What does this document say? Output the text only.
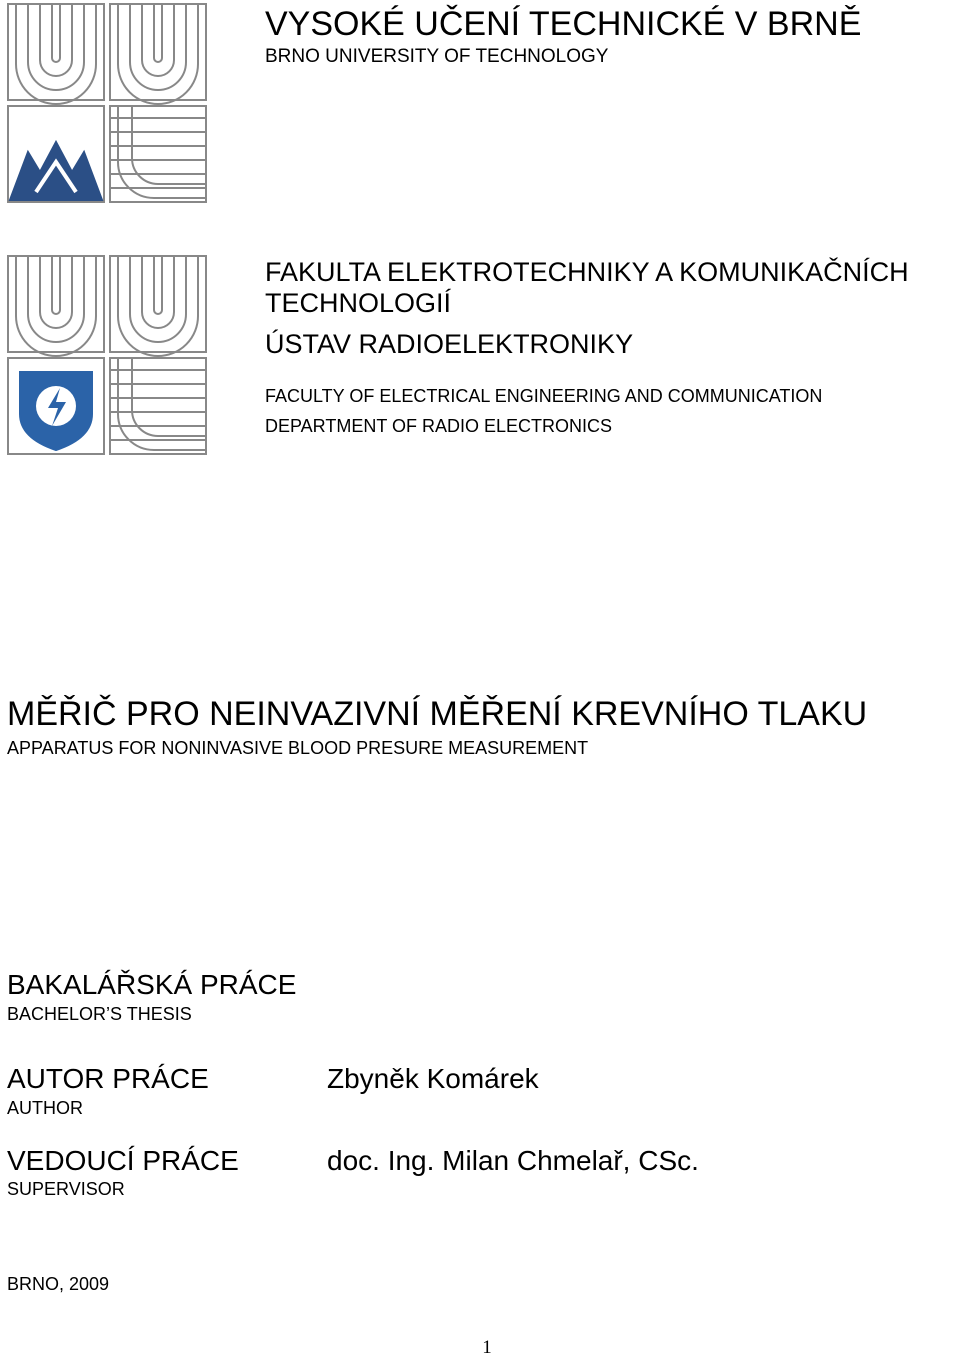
VYSOKÉ UČENÍ TECHNICKÉ V BRNĚ
BRNO UNIVERSITY OF TECHNOLOGY
FAKULTA ELEKTROTECHNIKY A KOMUNIKAČNÍCH
TECHNOLOGIÍ
ÚSTAV RADIOELEKTRONIKY
FACULTY OF ELECTRICAL ENGINEERING AND COMMUNICATION
DEPARTMENT OF RADIO ELECTRONICS
MĚŘIČ PRO NEINVAZIVNÍ MĚŘENÍ KREVNÍHO TLAKU
APPARATUS FOR NONINVASIVE BLOOD PRESURE MEASUREMENT
BAKALÁŘSKÁ PRÁCE
BACHELOR’S THESIS
AUTOR PRÁCE
AUTHOR
Zbyněk Komárek
VEDOUCÍ PRÁCE
SUPERVISOR
doc. Ing. Milan Chmelař, CSc.
BRNO, 2009
1
